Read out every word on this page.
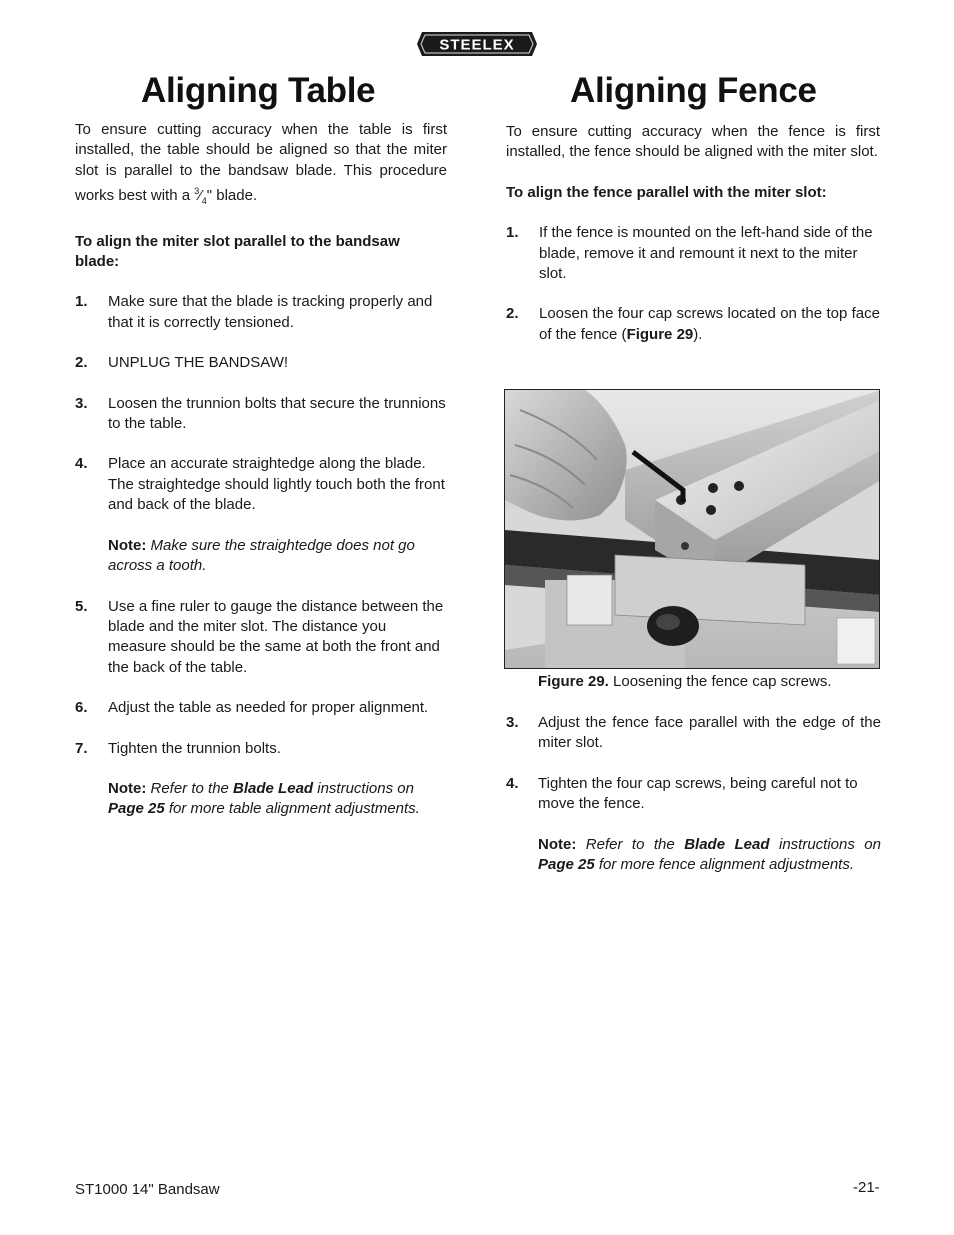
STEELEX
Aligning Table

To ensure cutting accuracy when the table is first installed, the table should be aligned so that the miter slot is parallel to the bandsaw blade. This procedure works best with a $^3⁄_4$" blade.

To align the miter slot parallel to the bandsaw blade:

1. Make sure that the blade is tracking properly and that it is correctly tensioned.
2. UNPLUG THE BANDSAW!
3. Loosen the trunnion bolts that secure the trunnions to the table.
4. Place an accurate straightedge along the blade. The straightedge should lightly touch both the front and back of the blade.
Note: Make sure the straightedge does not go across a tooth.
5. Use a fine ruler to gauge the distance between the blade and the miter slot. The distance you measure should be the same at both the front and the back of the table.
6. Adjust the table as needed for proper alignment.
7. Tighten the trunnion bolts.
Note: Refer to the Blade Lead instructions on Page 25 for more table alignment adjustments.
Aligning Fence

To ensure cutting accuracy when the fence is first installed, the fence should be aligned with the miter slot.

To align the fence parallel with the miter slot:

1. If the fence is mounted on the left-hand side of the blade, remove it and remount it next to the miter slot.
2. Loosen the four cap screws located on the top face of the fence (Figure 29).
Figure 29. Loosening the fence cap screws.
3. Adjust the fence face parallel with the edge of the miter slot.
4. Tighten the four cap screws, being careful not to move the fence.
Note: Refer to the Blade Lead instructions on Page 25 for more fence alignment adjustments.
ST1000 14" Bandsaw	-21-
